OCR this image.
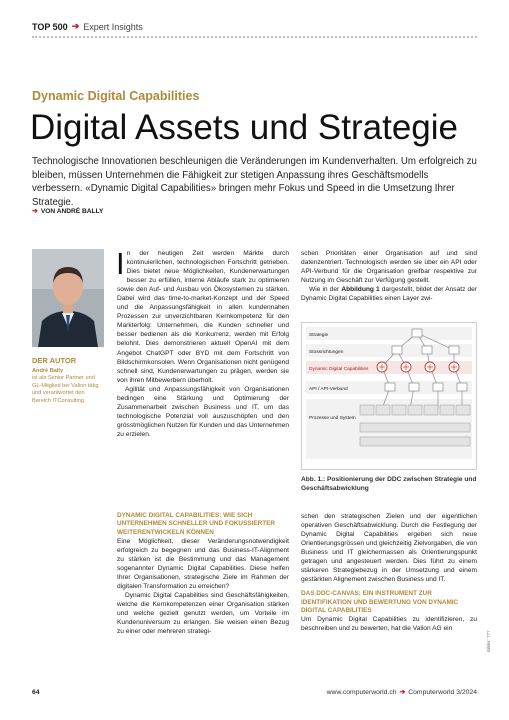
TOP 500 ➔ Expert Insights
Dynamic Digital Capabilities
Digital Assets und Strategie

Technologische Innovationen beschleunigen die Veränderungen im Kundenverhalten. Um erfolgreich zu bleiben, müssen Unternehmen die Fähigkeit zur stetigen Anpassung ihres Geschäftsmodells verbessern. «Dynamic Digital Capabilities» bringen mehr Fokus und Speed in die Umsetzung Ihrer Strategie.

➔ VON ANDRÉ BALLY
DER AUTOR
André Bally
ist als Senior Partner und GL-Mitglied bei Valion tätig und verantwortet den Bereich ITConsulting.

In der heutigen Zeit werden Märkte durch kontinuierlichen, technologischen Fortschritt getrieben. Dies bietet neue Möglichkeiten, Kundenerwartungen besser zu erfüllen, interne Abläufe stark zu optimieren sowie den Auf- und Ausbau von Ökosystemen zu stärken. Dabei wird das time-to-market-Konzept und der Speed und die Anpassungsfähigkeit in allen kundennahen Prozessen zur unverzichtbaren Kernkompetenz für den Markterfolg: Unternehmen, die Kunden schneller und besser bedienen als die Konkurrenz, werden mit Erfolg belohnt. Dies demonstrieren aktuell OpenAI mit dem Angebot ChatGPT oder BYD mit dem Fortschritt von Bildschirmkonsolen. Wenn Organisationen nicht genügend schnell sind, Kundenerwartungen zu prägen, werden sie von ihren Mitbewerbern überholt.

Agilität und Anpassungsfähigkeit von Organisationen bedingen eine Stärkung und Optimierung der Zusammenarbeit zwischen Business und IT, um das technologische Potenzial voll auszuschöpfen und den grösstmöglichen Nutzen für Kunden und das Unternehmen zu erzielen.

schen Prioritäten einer Organisation auf und sind datenzentriert. Technologisch werden sie über ein API oder API-Verbund für die Organisation greifbar respektive zur Nutzung im Geschäft zur Verfügung gestellt.

Wie in der Abbildung 1 dargestellt, bildet der Ansatz der Dynamic Digital Capabilities einen Layer zwi-

Strategie
Stossrichtungen
Dynamic Digital Capabilities
API / API-Verbund
Prozesse und System
Abb. 1.: Positionierung der DDC zwischen Strategie und Geschäftsabwicklung

DYNAMIC DIGITAL CAPABILITIES: WIE SICH UNTERNEHMEN SCHNELLER UND FOKUSSIERTER WEITERENTWICKELN KÖNNEN

Eine Möglichkeit, dieser Veränderungsnotwendigkeit erfolgreich zu begegnen und das Business-IT-Alignment zu stärken ist die Bestimmung und das Management sogenannter Dynamic Digital Capabilities. Diese helfen Ihrer Organisationen, strategische Ziele im Rahmen der digitalen Transformation zu erreichen?

Dynamic Digital Capabilities sind Geschäftsfähigkeiten, welche die Kernkompetenzen einer Organisation stärken und welche gezielt genutzt werden, um Vorteile im Kundenuniversum zu erlangen. Sie weisen einen Bezug zu einer oder mehreren strategi-

schen den strategischen Zielen und der eigentlichen operativen Geschäftsabwicklung. Durch die Festlegung der Dynamic Digital Capabilities ergeben sich neue Orientierungsgrössen und gleichzeitig Zielvorgaben, die von Business und IT gleichermassen als Orientierungspunkt getragen und angesteuert werden. Dies führt zu einem stärkeren Strategiebezug in der Umsetzung und einem gestärkten Alignement zwischen Business und IT.

DAS DDC-CANVAS: EIN INSTRUMENT ZUR IDENTIFIKATION UND BEWERTUNG VON DYNAMIC DIGITAL CAPABILITIES

Um Dynamic Digital Capabilities zu identifizieren, zu beschreiben und zu bewerten, hat die Valion AG ein

Bilder: ???
64	www.computerworld.ch ➔ Computerworld 3/2024
